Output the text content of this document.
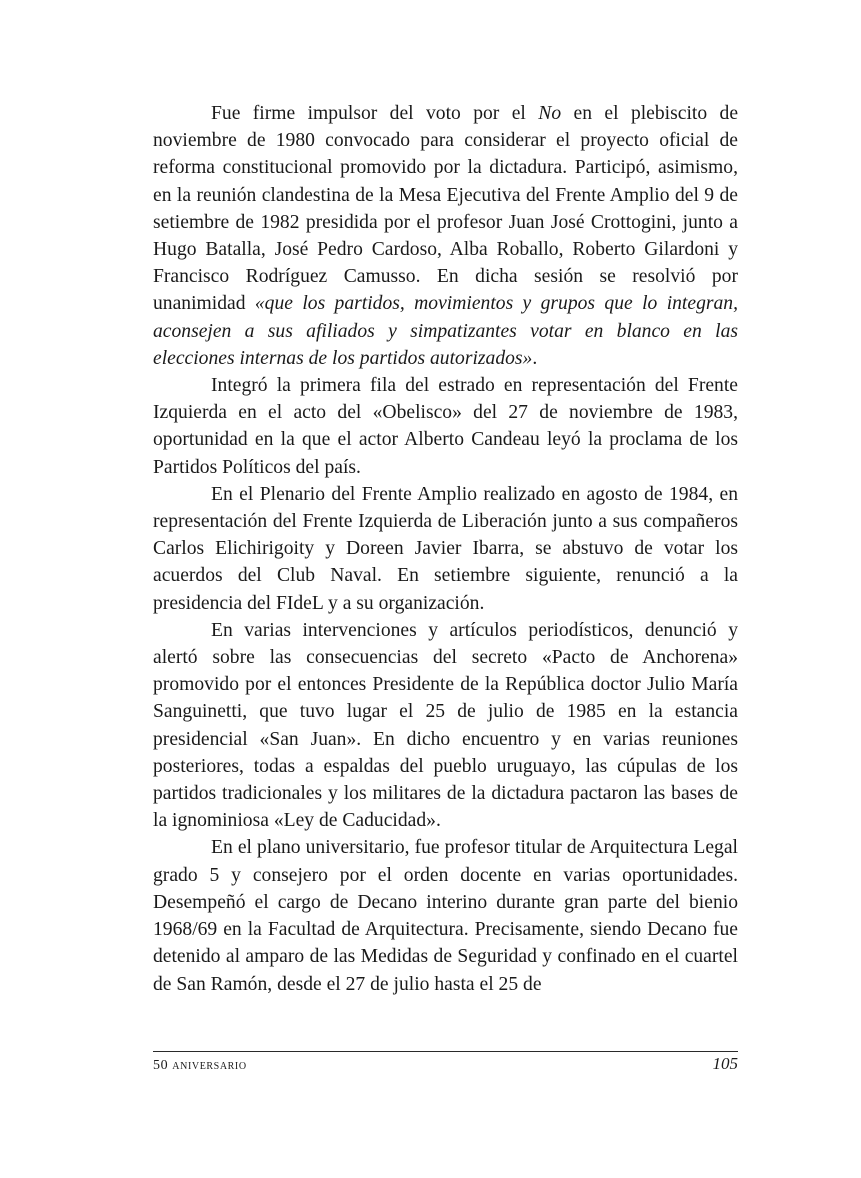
Fue firme impulsor del voto por el No en el plebiscito de noviembre de 1980 convocado para considerar el proyecto oficial de reforma constitucional promovido por la dictadura. Participó, asimismo, en la reunión clandestina de la Mesa Ejecutiva del Frente Amplio del 9 de setiembre de 1982 presidida por el profesor Juan José Crottogini, junto a Hugo Batalla, José Pedro Cardoso, Alba Roballo, Roberto Gilardoni y Francisco Rodríguez Camusso. En dicha sesión se resolvió por unanimidad «que los partidos, movimientos y grupos que lo integran, aconsejen a sus afiliados y simpatizantes votar en blanco en las elecciones internas de los partidos autorizados».

Integró la primera fila del estrado en representación del Frente Izquierda en el acto del «Obelisco» del 27 de noviembre de 1983, oportunidad en la que el actor Alberto Candeau leyó la proclama de los Partidos Políticos del país.

En el Plenario del Frente Amplio realizado en agosto de 1984, en representación del Frente Izquierda de Liberación junto a sus compañeros Carlos Elichirigoity y Doreen Javier Ibarra, se abstuvo de votar los acuerdos del Club Naval. En setiembre siguiente, renunció a la presidencia del FIdeL y a su organización.

En varias intervenciones y artículos periodísticos, denunció y alertó sobre las consecuencias del secreto «Pacto de Anchorena» promovido por el entonces Presidente de la República doctor Julio María Sanguinetti, que tuvo lugar el 25 de julio de 1985 en la estancia presidencial «San Juan». En dicho encuentro y en varias reuniones posteriores, todas a espaldas del pueblo uruguayo, las cúpulas de los partidos tradicionales y los militares de la dictadura pactaron las bases de la ignominiosa «Ley de Caducidad».

En el plano universitario, fue profesor titular de Arquitectura Legal grado 5 y consejero por el orden docente en varias oportunidades. Desempeñó el cargo de Decano interino durante gran parte del bienio 1968/69 en la Facultad de Arquitectura. Precisamente, siendo Decano fue detenido al amparo de las Medidas de Seguridad y confinado en el cuartel de San Ramón, desde el 27 de julio hasta el 25 de

50 aniversario	105
